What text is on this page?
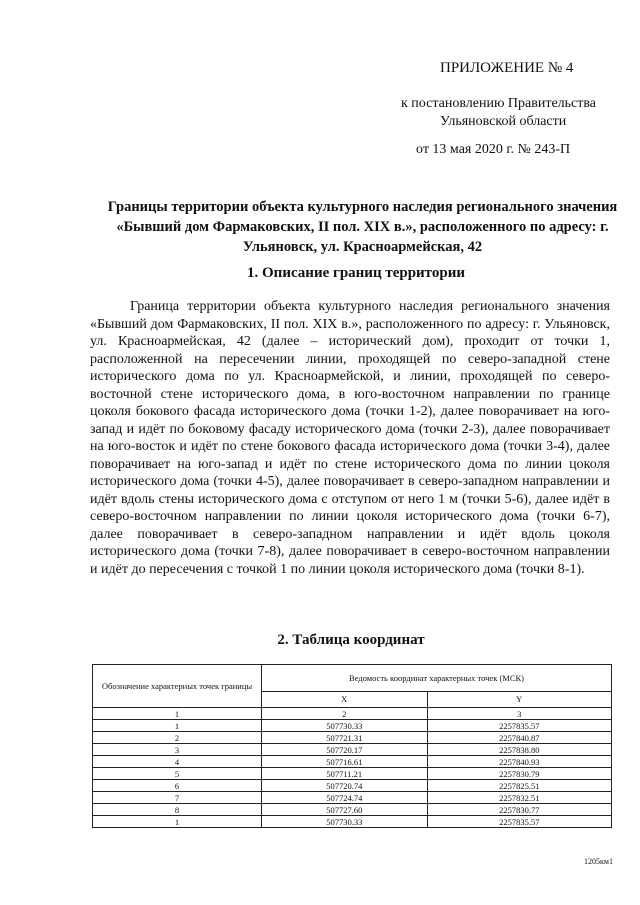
ПРИЛОЖЕНИЕ № 4
к постановлению Правительства
Ульяновской области
от 13 мая 2020 г. № 243-П
Границы территории объекта культурного наследия регионального значения «Бывший дом Фармаковских, II пол. XIX в.», расположенного по адресу: г. Ульяновск, ул. Красноармейская, 42
1. Описание границ территории

Граница территории объекта культурного наследия регионального значения «Бывший дом Фармаковских, II пол. XIX в.», расположенного по адресу: г. Ульяновск, ул. Красноармейская, 42 (далее – исторический дом), проходит от точки 1, расположенной на пересечении линии, проходящей по северо-западной стене исторического дома по ул. Красноармейской, и линии, проходящей по северо-восточной стене исторического дома, в юго-восточном направлении по границе цоколя бокового фасада исторического дома (точки 1-2), далее поворачивает на юго-запад и идёт по боковому фасаду исторического дома (точки 2-3), далее поворачивает на юго-восток и идёт по стене бокового фасада исторического дома (точки 3-4), далее поворачивает на юго-запад и идёт по стене исторического дома по линии цоколя исторического дома (точки 4-5), далее поворачивает в северо-западном направлении и идёт вдоль стены исторического дома с отступом от него 1 м (точки 5-6), далее идёт в северо-восточном направлении по линии цоколя исторического дома (точки 6-7), далее поворачивает в северо-западном направлении и идёт вдоль цоколя исторического дома (точки 7-8), далее поворачивает в северо-восточном направлении и идёт до пересечения с точкой 1 по линии цоколя исторического дома (точки 8-1).

2. Таблица координат
Обозначение характерных точек границы	Ведомость координат характерных точек (МСК)	
	X	Y
1	2	3
1	507730.33	2257835.57
2	507721.31	2257840.87
3	507720.17	2257838.80
4	507716.61	2257840.93
5	507711.21	2257830.79
6	507720.74	2257825.51
7	507724.74	2257832.51
8	507727.60	2257830.77
1	507730.33	2257835.57
1205км1
